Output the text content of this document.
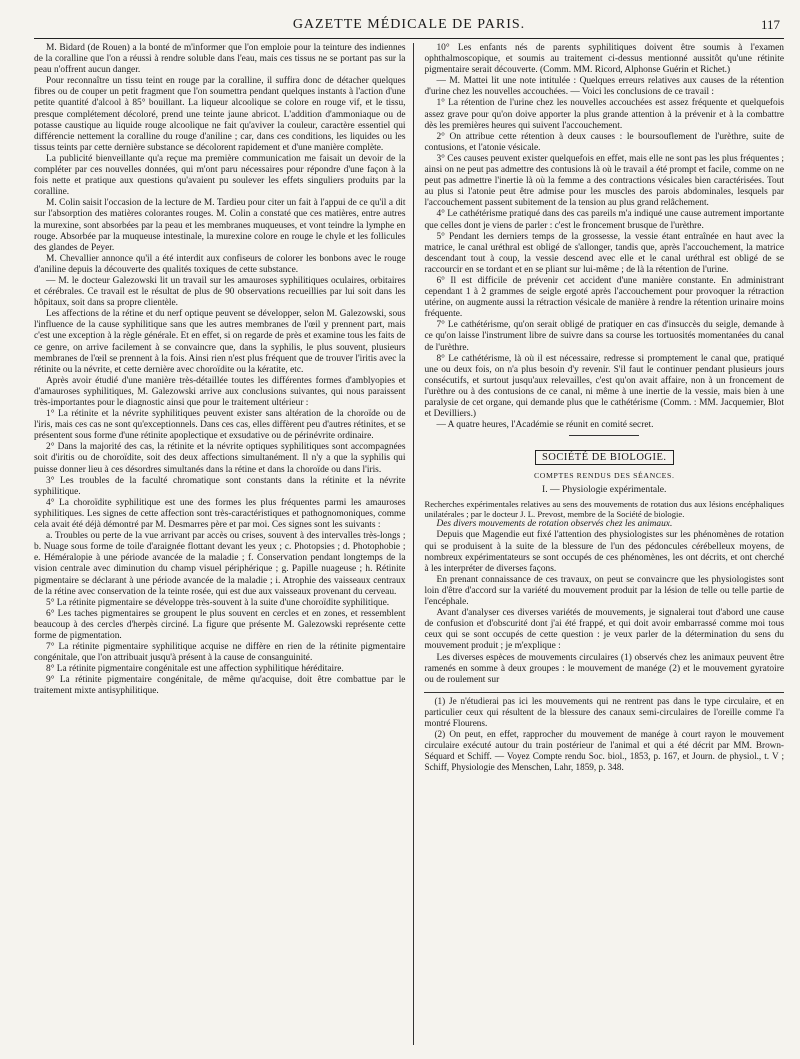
GAZETTE MÉDICALE DE PARIS.	117

M. Bidard (de Rouen) a la bonté de m'informer que l'on emploie pour la teinture des indiennes de la coralline que l'on a réussi à rendre soluble dans l'eau, mais ces tissus ne se portant pas sur la peau n'offrent aucun danger.

Pour reconnaître un tissu teint en rouge par la coralline, il suffira donc de détacher quelques fibres ou de couper un petit fragment que l'on soumettra pendant quelques instants à l'action d'une petite quantité d'alcool à 85° bouillant. La liqueur alcoolique se colore en rouge vif, et le tissu, presque complétement décoloré, prend une teinte jaune abricot. L'addition d'ammoniaque ou de potasse caustique au liquide rouge alcoolique ne fait qu'aviver la couleur, caractère essentiel qui différencie nettement la coralline du rouge d'aniline ; car, dans ces conditions, les liquides ou les tissus teints par cette dernière substance se décolorent rapidement et d'une manière complète.

La publicité bienveillante qu'a reçue ma première communication me faisait un devoir de la compléter par ces nouvelles données, qui m'ont paru nécessaires pour répondre d'une façon à la fois nette et pratique aux questions qu'avaient pu soulever les effets singuliers produits par la coralline.

M. Colin saisit l'occasion de la lecture de M. Tardieu pour citer un fait à l'appui de ce qu'il a dit sur l'absorption des matières colorantes rouges. M. Colin a constaté que ces matières, entre autres la murexine, sont absorbées par la peau et les membranes muqueuses, et vont teindre la lymphe en rouge. Absorbée par la muqueuse intestinale, la murexine colore en rouge le chyle et les follicules des glandes de Peyer.

M. Chevallier annonce qu'il a été interdit aux confiseurs de colorer les bonbons avec le rouge d'aniline depuis la découverte des qualités toxiques de cette substance.

— M. le docteur Galezowski lit un travail sur les amauroses syphilitiques oculaires, orbitaires et cérébrales. Ce travail est le résultat de plus de 90 observations recueillies par lui soit dans les hôpitaux, soit dans sa propre clientèle.

Les affections de la rétine et du nerf optique peuvent se développer, selon M. Galezowski, sous l'influence de la cause syphilitique sans que les autres membranes de l'œil y prennent part, mais c'est une exception à la règle générale. Et en effet, si on regarde de près et examine tous les faits de ce genre, on arrive facilement à se convaincre que, dans la syphilis, le plus souvent, plusieurs membranes de l'œil se prennent à la fois. Ainsi rien n'est plus fréquent que de trouver l'iritis avec la rétinite ou la névrite, et cette dernière avec choroïdite ou la kératite, etc.

Après avoir étudié d'une manière très-détaillée toutes les différentes formes d'amblyopies et d'amauroses syphilitiques, M. Galezowski arrive aux conclusions suivantes, qui nous paraissent très-importantes pour le diagnostic ainsi que pour le traitement ultérieur :

1° La rétinite et la névrite syphilitiques peuvent exister sans altération de la choroïde ou de l'iris, mais ces cas ne sont qu'exceptionnels. Dans ces cas, elles diffèrent peu d'autres rétinites, et se présentent sous forme d'une rétinite apoplectique et exsudative ou de périnévrite ordinaire.

2° Dans la majorité des cas, la rétinite et la névrite optiques syphilitiques sont accompagnées soit d'iritis ou de choroïdite, soit des deux affections simultanément. Il n'y a que la syphilis qui puisse donner lieu à ces désordres simultanés dans la rétine et dans la choroïde ou dans l'iris.

3° Les troubles de la faculté chromatique sont constants dans la rétinite et la névrite syphilitique.

4° La choroïdite syphilitique est une des formes les plus fréquentes parmi les amauroses syphilitiques. Les signes de cette affection sont très-caractéristiques et pathognomoniques, comme cela avait été déjà démontré par M. Desmarres père et par moi. Ces signes sont les suivants :

a. Troubles ou perte de la vue arrivant par accès ou crises, souvent à des intervalles très-longs ; b. Nuage sous forme de toile d'araignée flottant devant les yeux ; c. Photopsies ; d. Photophobie ; e. Héméralopie à une période avancée de la maladie ; f. Conservation pendant longtemps de la vision centrale avec diminution du champ visuel périphérique ; g. Papille nuageuse ; h. Rétinite pigmentaire se déclarant à une période avancée de la maladie ; i. Atrophie des vaisseaux centraux de la rétine avec conservation de la teinte rosée, qui est due aux vaisseaux provenant du cerveau.

5° La rétinite pigmentaire se développe très-souvent à la suite d'une choroïdite syphilitique.

6° Les taches pigmentaires se groupent le plus souvent en cercles et en zones, et ressemblent beaucoup à des cercles d'herpès circiné. La figure que présente M. Galezowski représente cette forme de pigmentation.

7° La rétinite pigmentaire syphilitique acquise ne diffère en rien de la rétinite pigmentaire congénitale, que l'on attribuait jusqu'à présent à la cause de consanguinité.

8° La rétinite pigmentaire congénitale est une affection syphilitique héréditaire.

9° La rétinite pigmentaire congénitale, de même qu'acquise, doit être combattue par le traitement mixte antisyphilitique.

10° Les enfants nés de parents syphilitiques doivent être soumis à l'examen ophthalmoscopique, et soumis au traitement ci-dessus mentionné aussitôt qu'une rétinite pigmentaire serait découverte. (Comm. MM. Ricord, Alphonse Guérin et Richet.)

— M. Mattei lit une note intitulée : Quelques erreurs relatives aux causes de la rétention d'urine chez les nouvelles accouchées. — Voici les conclusions de ce travail :

1° La rétention de l'urine chez les nouvelles accouchées est assez fréquente et quelquefois assez grave pour qu'on doive apporter la plus grande attention à la prévenir et à la combattre dès les premières heures qui suivent l'accouchement.

2° On attribue cette rétention à deux causes : le boursouflement de l'urèthre, suite de contusions, et l'atonie vésicale.

3° Ces causes peuvent exister quelquefois en effet, mais elle ne sont pas les plus fréquentes ; ainsi on ne peut pas admettre des contusions là où le travail a été prompt et facile, comme on ne peut pas admettre l'inertie là où la femme a des contractions vésicales bien caractérisées. Tout au plus si l'atonie peut être admise pour les muscles des parois abdominales, lesquels par l'accouchement passent subitement de la tension au plus grand relâchement.

4° Le cathétérisme pratiqué dans des cas pareils m'a indiqué une cause autrement importante que celles dont je viens de parler : c'est le froncement brusque de l'urèthre.

5° Pendant les derniers temps de la grossesse, la vessie étant entraînée en haut avec la matrice, le canal uréthral est obligé de s'allonger, tandis que, après l'accouchement, la matrice descendant tout à coup, la vessie descend avec elle et le canal uréthral est obligé de se raccourcir en se tordant et en se pliant sur lui-même ; de là la rétention de l'urine.

6° Il est difficile de prévenir cet accident d'une manière constante. En administrant cependant 1 à 2 grammes de seigle ergoté après l'accouchement pour provoquer la rétraction utérine, on augmente aussi la rétraction vésicale de manière à rendre la rétention urinaire moins fréquente.

7° Le cathétérisme, qu'on serait obligé de pratiquer en cas d'insuccès du seigle, demande à ce qu'on laisse l'instrument libre de suivre dans sa course les tortuosités momentanées du canal de l'urèthre.

8° Le cathétérisme, là où il est nécessaire, redresse si promptement le canal que, pratiqué une ou deux fois, on n'a plus besoin d'y revenir. S'il faut le continuer pendant plusieurs jours consécutifs, et surtout jusqu'aux relevailles, c'est qu'on avait affaire, non à un froncement de l'urèthre ou à des contusions de ce canal, ni même à une inertie de la vessie, mais bien à une paralysie de cet organe, qui demande plus que le cathétérisme (Comm. : MM. Jacquemier, Blot et Devilliers.)

— A quatre heures, l'Académie se réunit en comité secret.

SOCIÉTÉ DE BIOLOGIE.
COMPTES RENDUS DES SÉANCES.
I. — Physiologie expérimentale.

Recherches expérimentales relatives au sens des mouvements de rotation dus aux lésions encéphaliques unilatérales ; par le docteur J. L. Prevost, membre de la Société de biologie.

Des divers mouvements de rotation observés chez les animaux.

Depuis que Magendie eut fixé l'attention des physiologistes sur les phénomènes de rotation qui se produisent à la suite de la blessure de l'un des pédoncules cérébelleux moyens, de nombreux expérimentateurs se sont occupés de ces phénomènes, les ont décrits, et ont cherché à les interpréter de diverses façons.

En prenant connaissance de ces travaux, on peut se convaincre que les physiologistes sont loin d'être d'accord sur la variété du mouvement produit par la lésion de telle ou telle partie de l'encéphale.

Avant d'analyser ces diverses variétés de mouvements, je signalerai tout d'abord une cause de confusion et d'obscurité dont j'ai été frappé, et qui doit avoir embarrassé comme moi tous ceux qui se sont occupés de cette question : je veux parler de la détermination du sens du mouvement produit ; je m'explique :

Les diverses espèces de mouvements circulaires (1) observés chez les animaux peuvent être ramenés en somme à deux groupes : le mouvement de manége (2) et le mouvement gyratoire ou de roulement sur

(1) Je n'étudierai pas ici les mouvements qui ne rentrent pas dans le type circulaire, et en particulier ceux qui résultent de la blessure des canaux semi-circulaires de l'oreille comme l'a montré Flourens.

(2) On peut, en effet, rapprocher du mouvement de manége à court rayon le mouvement circulaire exécuté autour du train postérieur de l'animal et qui a été décrit par MM. Brown-Séquard et Schiff. — Voyez Compte rendu Soc. biol., 1853, p. 167, et Journ. de physiol., t. V ; Schiff, Physiologie des Menschen, Lahr, 1859, p. 348.
